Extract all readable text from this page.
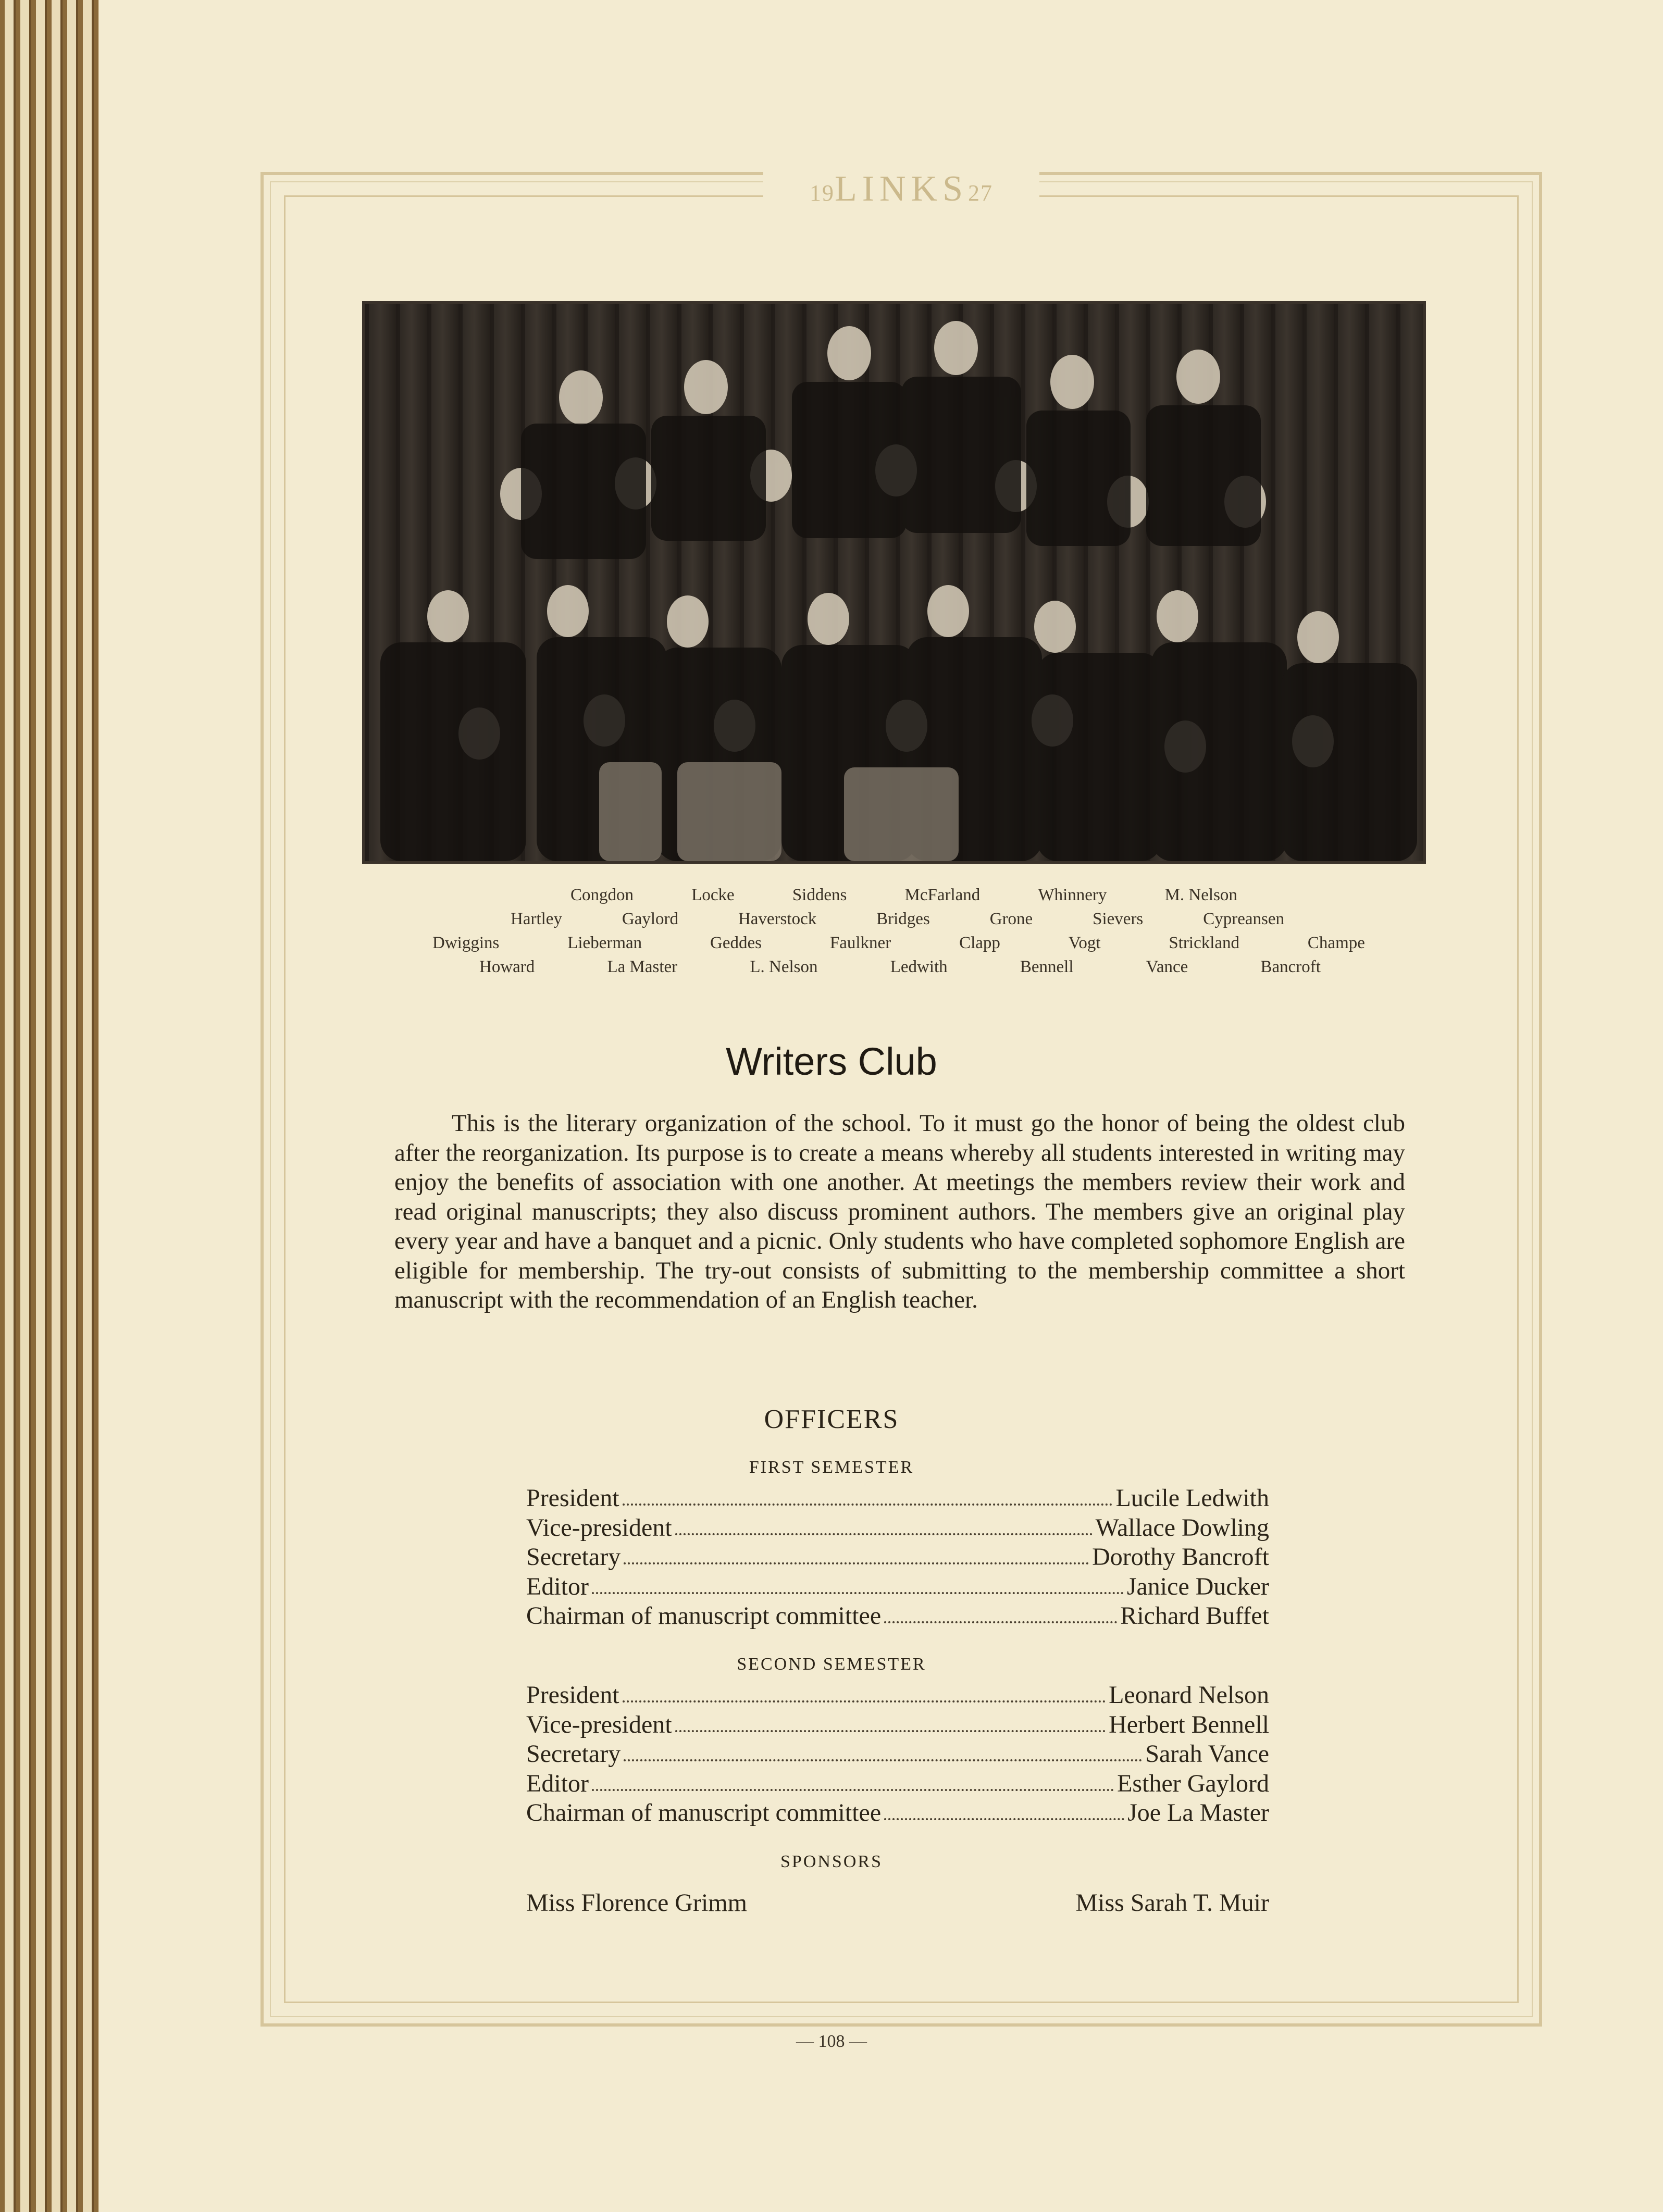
19LINKS27
Congdon	Locke	Siddens	McFarland	Whinnery	M. Nelson
Hartley	Gaylord	Haverstock	Bridges	Grone	Sievers	Cypreansen
Dwiggins	Lieberman	Geddes	Faulkner	Clapp	Vogt	Strickland	Champe
Howard	La Master	L. Nelson	Ledwith	Bennell	Vance	Bancroft
Writers Club

This is the literary organization of the school. To it must go the honor of being the oldest club after the reorganization. Its purpose is to create a means whereby all students interested in writing may enjoy the benefits of association with one another. At meetings the members review their work and read original manuscripts; they also discuss prominent authors. The members give an original play every year and have a banquet and a picnic. Only students who have completed sophomore English are eligible for membership. The try-out consists of submitting to the membership committee a short manuscript with the recommendation of an English teacher.

OFFICERS
FIRST SEMESTER
President	Lucile Ledwith
Vice-president	Wallace Dowling
Secretary	Dorothy Bancroft
Editor	Janice Ducker
Chairman of manuscript committee	Richard Buffet
SECOND SEMESTER
President	Leonard Nelson
Vice-president	Herbert Bennell
Secretary	Sarah Vance
Editor	Esther Gaylord
Chairman of manuscript committee	Joe La Master
SPONSORS
Miss Florence Grimm	Miss Sarah T. Muir
— 108 —
